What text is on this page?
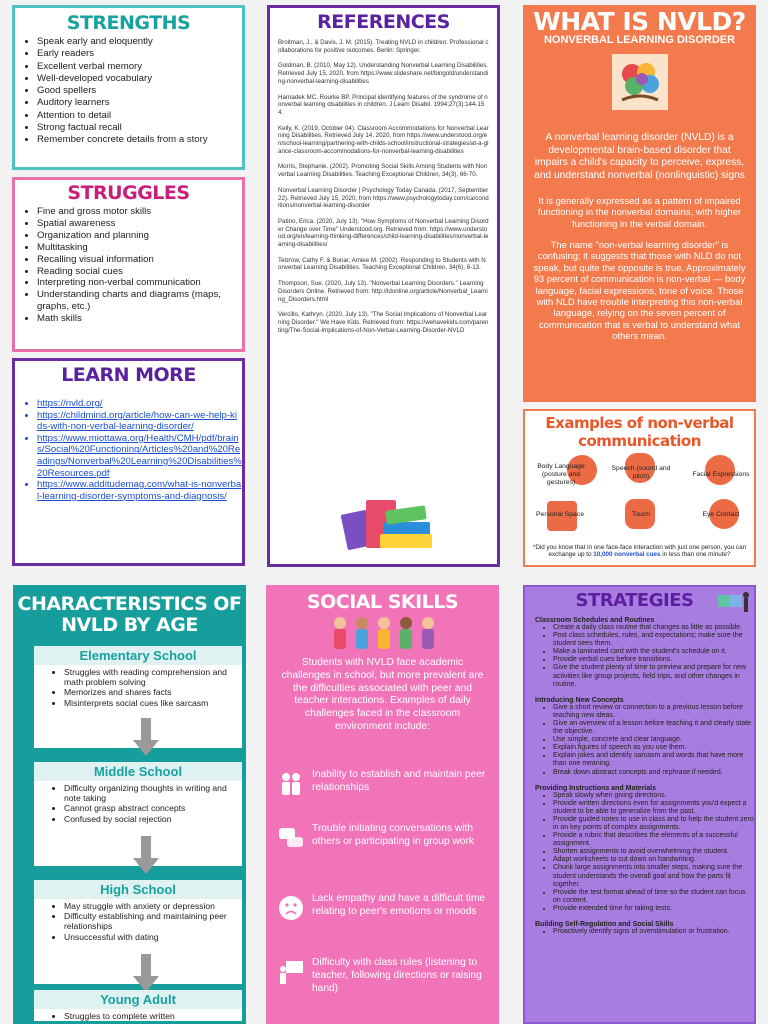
STRENGTHS
• Speak early and eloquently
• Early readers
• Excellent verbal memory
• Well-developed vocabulary
• Good spellers
• Auditory learners
• Attention to detail
• Strong factual recall
• Remember concrete details from a story
STRUGGLES
• Fine and gross motor skills
• Spatial awareness
• Organization and planning
• Multitasking
• Recalling visual information
• Reading social cues
• Interpreting non-verbal communication
• Understanding charts and diagrams (maps, graphs, etc.)
• Math skills
LEARN MORE
• https://nvld.org/
• https://childmind.org/article/how-can-we-help-kids-with-non-verbal-learning-disorder/
• https://www.miottawa.org/Health/CMH/pdf/brains/Social%20Functioning/Articles%20and%20Readings/Nonverbal%20Learning%20Disabilities%20Resources.pdf
• https://www.additudemag.com/what-is-nonverbal-learning-disorder-symptoms-and-diagnosis/
REFERENCES
Broitman, J., & Davis, J. M. (2015). Treating NVLD in children: Professional collaborations for positive outcomes. Berlin: Springer.
Goldman, B. (2010, May 12). Understanding Nonverbal Learning Disabilities. Retrieved July 15, 2020, from https://www.slideshare.net/bingold/understanding-nonverbal-learning-disabilities
Harnadek MC, Rourke BP. Principal identifying features of the syndrome of nonverbal learning disabilities in children. J Learn Disabil. 1994;27(3):144-154.
Kelly, K. (2019, October 04). Classroom Accommodations for Nonverbal Learning Disabilities. Retrieved July 14, 2020, from https://www.understood.org/en/school-learning/partnering-with-childs-school/instructional-strategies/at-a-glance-classroom-accommodations-for-nonverbal-learning-disabilities
Morris, Stephanie. (2002). Promoting Social Skills Among Students with Nonverbal Learning Disabilities. Teaching Exceptional Children, 34(3), 66-70.
Nonverbal Learning Disorder | Psychology Today Canada. (2017, September 22). Retrieved July 15, 2020, from https://www.psychologytoday.com/ca/conditions/nonverbal-learning-disorder
Patino, Erica. (2020, July 13). "How Symptoms of Nonverbal Learning Disorder Change over Time" Understood.org. Retrieved from: https://www.understood.org/en/learning-thinking-differences/child-learning-disabilities/nonverbal-learning-disabilities/
Telzrow, Cathy F. & Bonar, Amiee M. (2002). Responding to Students with Nonverbal Learning Disabilities. Teaching Exceptional Children, 34(6), 8-13.
Thompson, Sue. (2020, July 13). "Nonverbal Learning Disorders." Learning Disorders Online. Retrieved from: http://ldonline.org/article/Nonverbal_Learning_Disorders.html
Vercillo, Kathryn. (2020, July 13). "The Social Implications of Nonverbal Learning Disorder." We Have Kids. Retrieved from: https://wehavekids.com/parenting/The-Social-Implications-of-Non-Verbal-Learning-Disorder-NVLD
WHAT IS NVLD?
NONVERBAL LEARNING DISORDER

A nonverbal learning disorder (NVLD) is a developmental brain-based disorder that impairs a child's capacity to perceive, express, and understand nonverbal (nonlinguistic) signs

It is generally expressed as a pattern of impaired functioning in the nonverbal domains, with higher functioning in the verbal domain.

The name "non-verbal learning disorder" is confusing; it suggests that those with NLD do not speak, but quite the opposite is true. Approximately 93 percent of communication is non-verbal — body language, facial expressions, tone of voice. Those with NLD have trouble interpreting this non-verbal language, relying on the seven percent of communication that is verbal to understand what others mean.

Examples of non-verbal communication
Body Language (posture and gestures)
Speech (sound and pitch)	Facial Expressions
Personal Space	Touch	Eye Contact
*Did you know that in one face-face interaction with just one person, you can exchange up to 10,000 nonverbal cues in less than one minute?
CHARACTERISTICS OF NVLD BY AGE
Elementary School
• Struggles with reading comprehension and math problem solving
• Memorizes and shares facts
• Misinterprets social cues like sarcasm
Middle School
• Difficulty organizing thoughts in writing and note taking
• Cannot grasp abstract concepts
• Confused by social rejection
High School
• May struggle with anxiety or depression
• Difficulty establishing and maintaining peer relationships
• Unsuccessful with dating
Young Adult
• Struggles to complete written
SOCIAL SKILLS

Students with NVLD face academic challenges in school, but more prevalent are the difficulties associated with peer and teacher interactions. Examples of daily challenges faced in the classroom environment include:

Inability to establish and maintain peer relationships
Trouble initiating conversations with others or participating in group work
Lack empathy and have a difficult time relating to peer's emotions or moods
Difficulty with class rules (listening to teacher, following directions or raising hand)
STRATEGIES
Classroom Schedules and Routines
• Create a daily class routine that changes as little as possible.
• Post class schedules, rules, and expectations; make sure the student sees them.
• Make a laminated card with the student's schedule on it.
• Provide verbal cues before transitions.
• Give the student plenty of time to preview and prepare for new activities like group projects, field trips, and other changes in routine.
Introducing New Concepts
• Give a short review or connection to a previous lesson before teaching new ideas.
• Give an overview of a lesson before teaching it and clearly state the objective.
• Use simple, concrete and clear language.
• Explain figures of speech as you use them.
• Explain jokes and identify sarcasm and words that have more than one meaning.
• Break down abstract concepts and rephrase if needed.
Providing Instructions and Materials
• Speak slowly when giving directions.
• Provide written directions even for assignments you'd expect a student to be able to generalize from the past.
• Provide guided notes to use in class and to help the student zero in on key points of complex assignments.
• Provide a rubric that describes the elements of a successful assignment.
• Shorten assignments to avoid overwhelming the student.
• Adapt worksheets to cut down on handwriting.
• Chunk large assignments into smaller steps, making sure the student understands the overall goal and how the parts fit together.
• Provide the test format ahead of time so the student can focus on content.
• Provide extended time for taking tests.
Building Self-Regulation and Social Skills
• Proactively identify signs of overstimulation or frustration.
